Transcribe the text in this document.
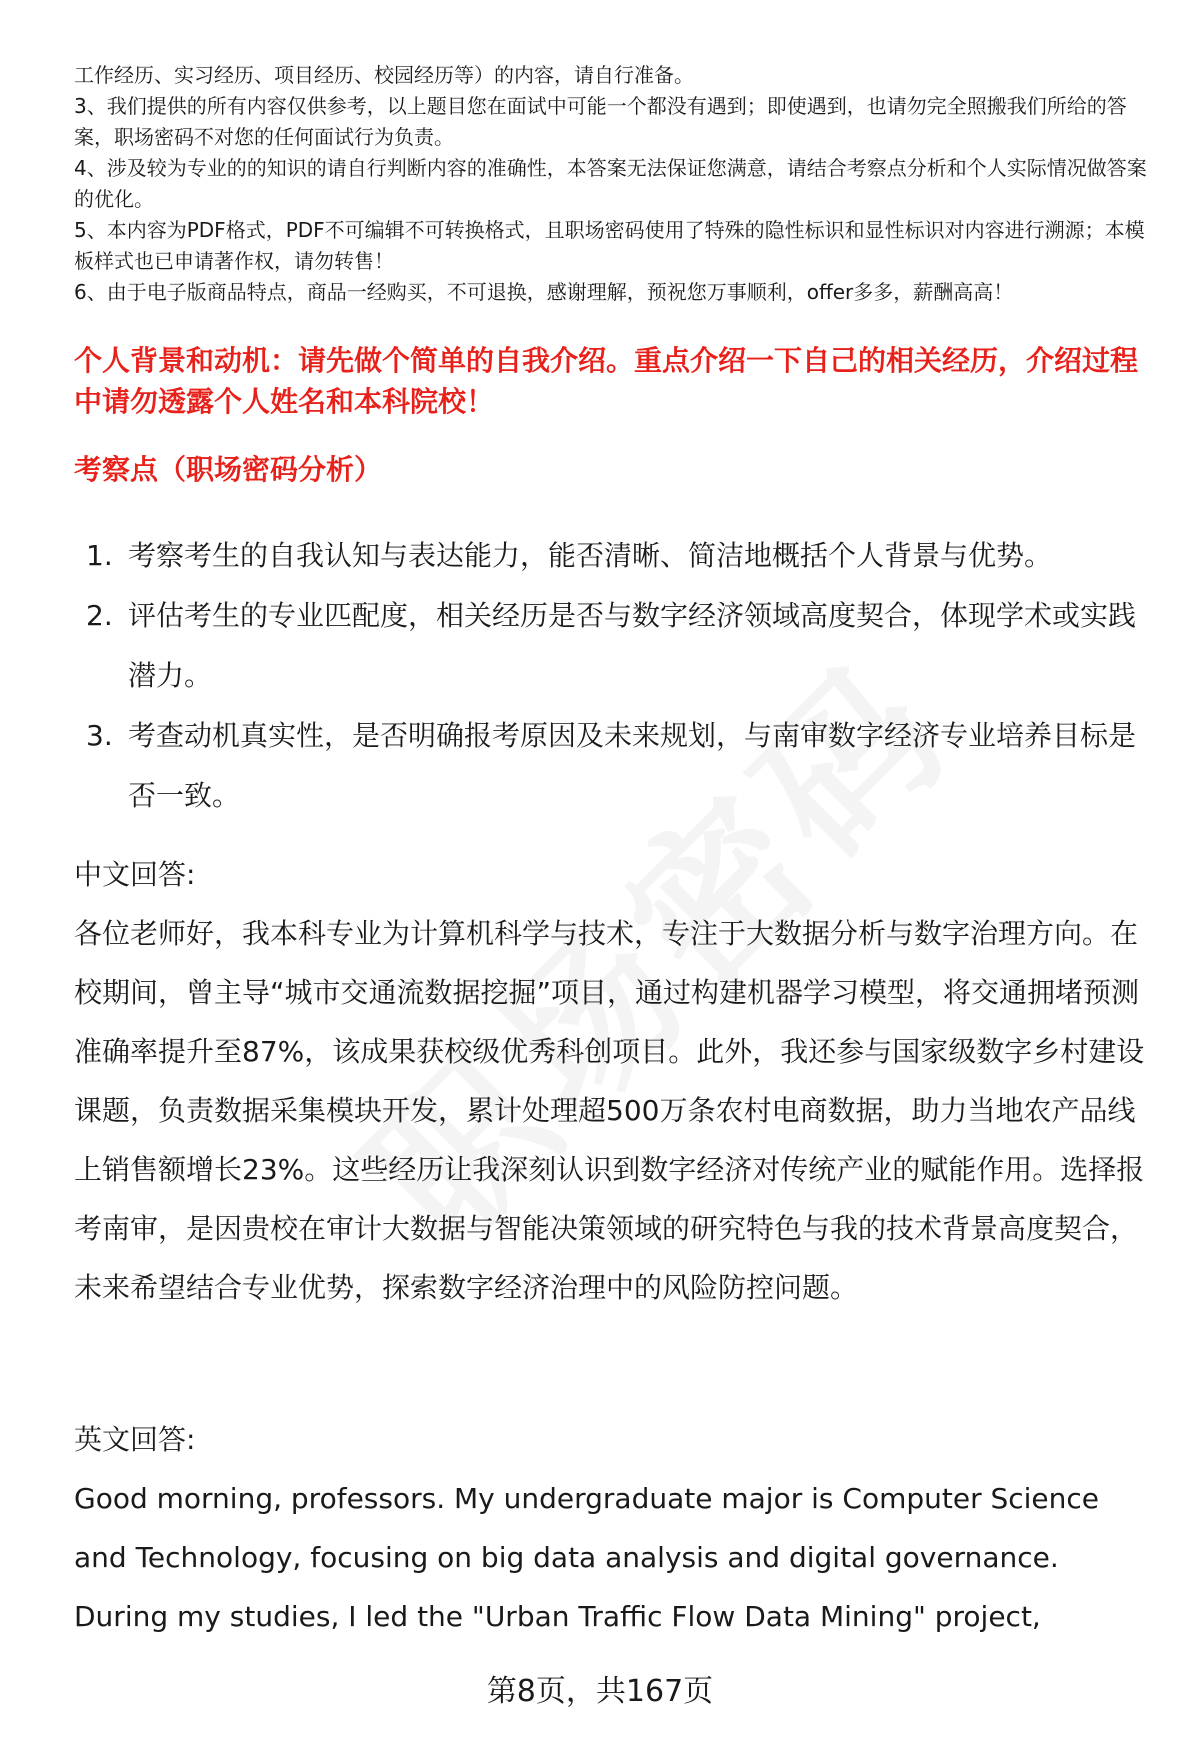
工作经历、实习经历、项目经历、校园经历等）的内容，请自行准备。

3、我们提供的所有内容仅供参考，以上题目您在面试中可能一个都没有遇到；即使遇到，也请勿完全照搬我们所给的答案，职场密码不对您的任何面试行为负责。

4、涉及较为专业的的知识的请自行判断内容的准确性，本答案无法保证您满意，请结合考察点分析和个人实际情况做答案的优化。

5、本内容为PDF格式，PDF不可编辑不可转换格式，且职场密码使用了特殊的隐性标识和显性标识对内容进行溯源；本模板样式也已申请著作权，请勿转售！

6、由于电子版商品特点，商品一经购买，不可退换，感谢理解，预祝您万事顺利，offer多多，薪酬高高！

个人背景和动机：请先做个简单的自我介绍。重点介绍一下自己的相关经历，介绍过程中请勿透露个人姓名和本科院校！

考察点（职场密码分析）
1. 考察考生的自我认知与表达能力，能否清晰、简洁地概括个人背景与优势。
2. 评估考生的专业匹配度，相关经历是否与数字经济领域高度契合，体现学术或实践潜力。
3. 考查动机真实性，是否明确报考原因及未来规划，与南审数字经济专业培养目标是否一致。
中文回答:

各位老师好，我本科专业为计算机科学与技术，专注于大数据分析与数字治理方向。在校期间，曾主导“城市交通流数据挖掘”项目，通过构建机器学习模型，将交通拥堵预测准确率提升至87%，该成果获校级优秀科创项目。此外，我还参与国家级数字乡村建设课题，负责数据采集模块开发，累计处理超500万条农村电商数据，助力当地农产品线上销售额增长23%。这些经历让我深刻认识到数字经济对传统产业的赋能作用。选择报考南审，是因贵校在审计大数据与智能决策领域的研究特色与我的技术背景高度契合，未来希望结合专业优势，探索数字经济治理中的风险防控问题。

英文回答:

Good morning, professors. My undergraduate major is Computer Science and Technology, focusing on big data analysis and digital governance. During my studies, I led the "Urban Traffic Flow Data Mining" project,

第8页，共167页
